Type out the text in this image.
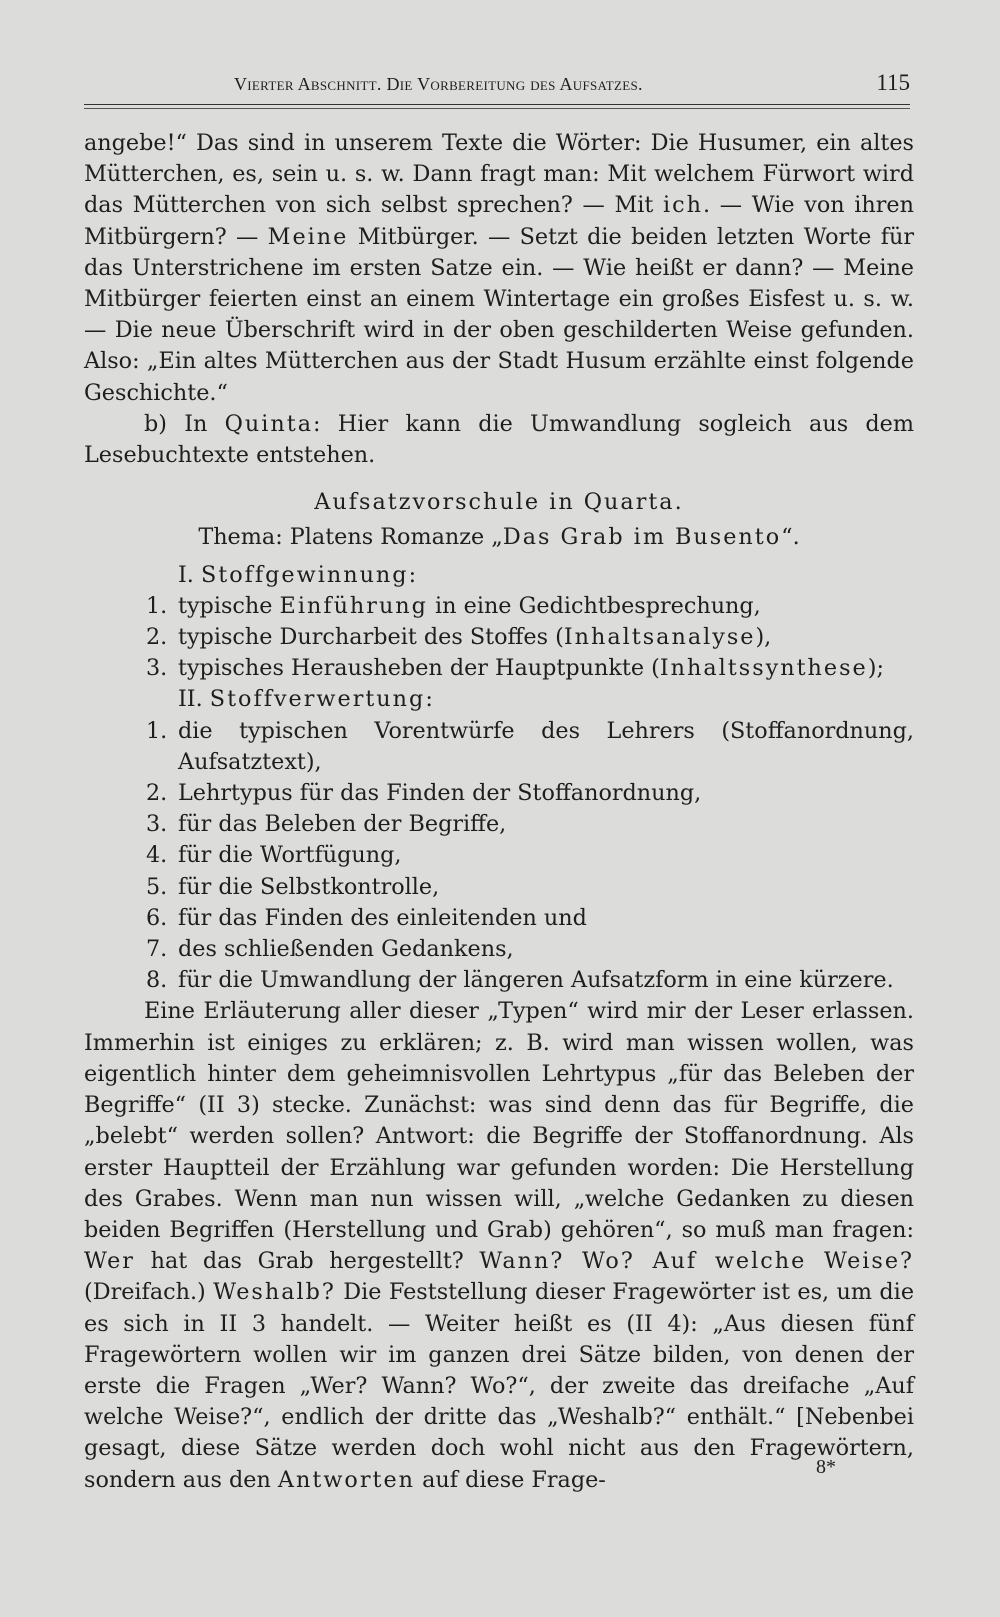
Vierter Abschnitt. Die Vorbereitung des Aufsatzes.	115

angebe!“ Das sind in unserem Texte die Wörter: Die Husumer, ein altes Mütterchen, es, sein u. s. w. Dann fragt man: Mit welchem Fürwort wird das Mütterchen von sich selbst sprechen? — Mit ich. — Wie von ihren Mitbürgern? — Meine Mitbürger. — Setzt die beiden letzten Worte für das Unterstrichene im ersten Satze ein. — Wie heißt er dann? — Meine Mitbürger feierten einst an einem Wintertage ein großes Eisfest u. s. w. — Die neue Überschrift wird in der oben geschilderten Weise gefunden. Also: „Ein altes Mütterchen aus der Stadt Husum erzählte einst folgende Geschichte.“

b) In Quinta: Hier kann die Umwandlung sogleich aus dem Lesebuchtexte entstehen.

Aufsatzvorschule in Quarta.

Thema: Platens Romanze „Das Grab im Busento“.

I. Stoffgewinnung:
1. typische Einführung in eine Gedichtbesprechung,
2. typische Durcharbeit des Stoffes (Inhaltsanalyse),
3. typisches Herausheben der Hauptpunkte (Inhaltssynthese);
II. Stoffverwertung:
1. die typischen Vorentwürfe des Lehrers (Stoffanordnung, Aufsatztext),
2. Lehrtypus für das Finden der Stoffanordnung,
3. für das Beleben der Begriffe,
4. für die Wortfügung,
5. für die Selbstkontrolle,
6. für das Finden des einleitenden und
7. des schließenden Gedankens,
8. für die Umwandlung der längeren Aufsatzform in eine kürzere.

Eine Erläuterung aller dieser „Typen“ wird mir der Leser erlassen. Immerhin ist einiges zu erklären; z. B. wird man wissen wollen, was eigentlich hinter dem geheimnisvollen Lehrtypus „für das Beleben der Begriffe“ (II 3) stecke. Zunächst: was sind denn das für Begriffe, die „belebt“ werden sollen? Antwort: die Begriffe der Stoffanordnung. Als erster Hauptteil der Erzählung war gefunden worden: Die Herstellung des Grabes. Wenn man nun wissen will, „welche Gedanken zu diesen beiden Begriffen (Herstellung und Grab) gehören“, so muß man fragen: Wer hat das Grab hergestellt? Wann? Wo? Auf welche Weise? (Dreifach.) Weshalb? Die Feststellung dieser Fragewörter ist es, um die es sich in II 3 handelt. — Weiter heißt es (II 4): „Aus diesen fünf Fragewörtern wollen wir im ganzen drei Sätze bilden, von denen der erste die Fragen „Wer? Wann? Wo?“, der zweite das dreifache „Auf welche Weise?“, endlich der dritte das „Weshalb?“ enthält.“ [Nebenbei gesagt, diese Sätze werden doch wohl nicht aus den Fragewörtern, sondern aus den Antworten auf diese Frage-	8*
